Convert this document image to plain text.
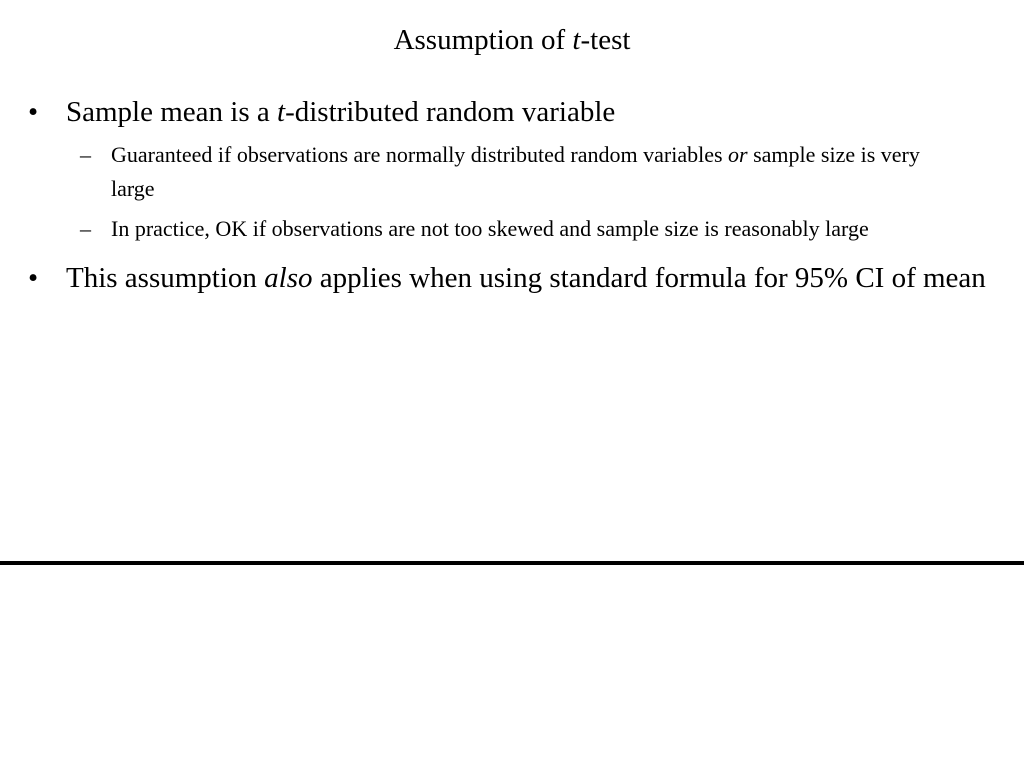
Assumption of t-test

• Sample mean is a t-distributed random variable

– Guaranteed if observations are normally distributed random variables or sample size is very large

– In practice, OK if observations are not too skewed and sample size is reasonably large

• This assumption also applies when using standard formula for 95% CI of mean
